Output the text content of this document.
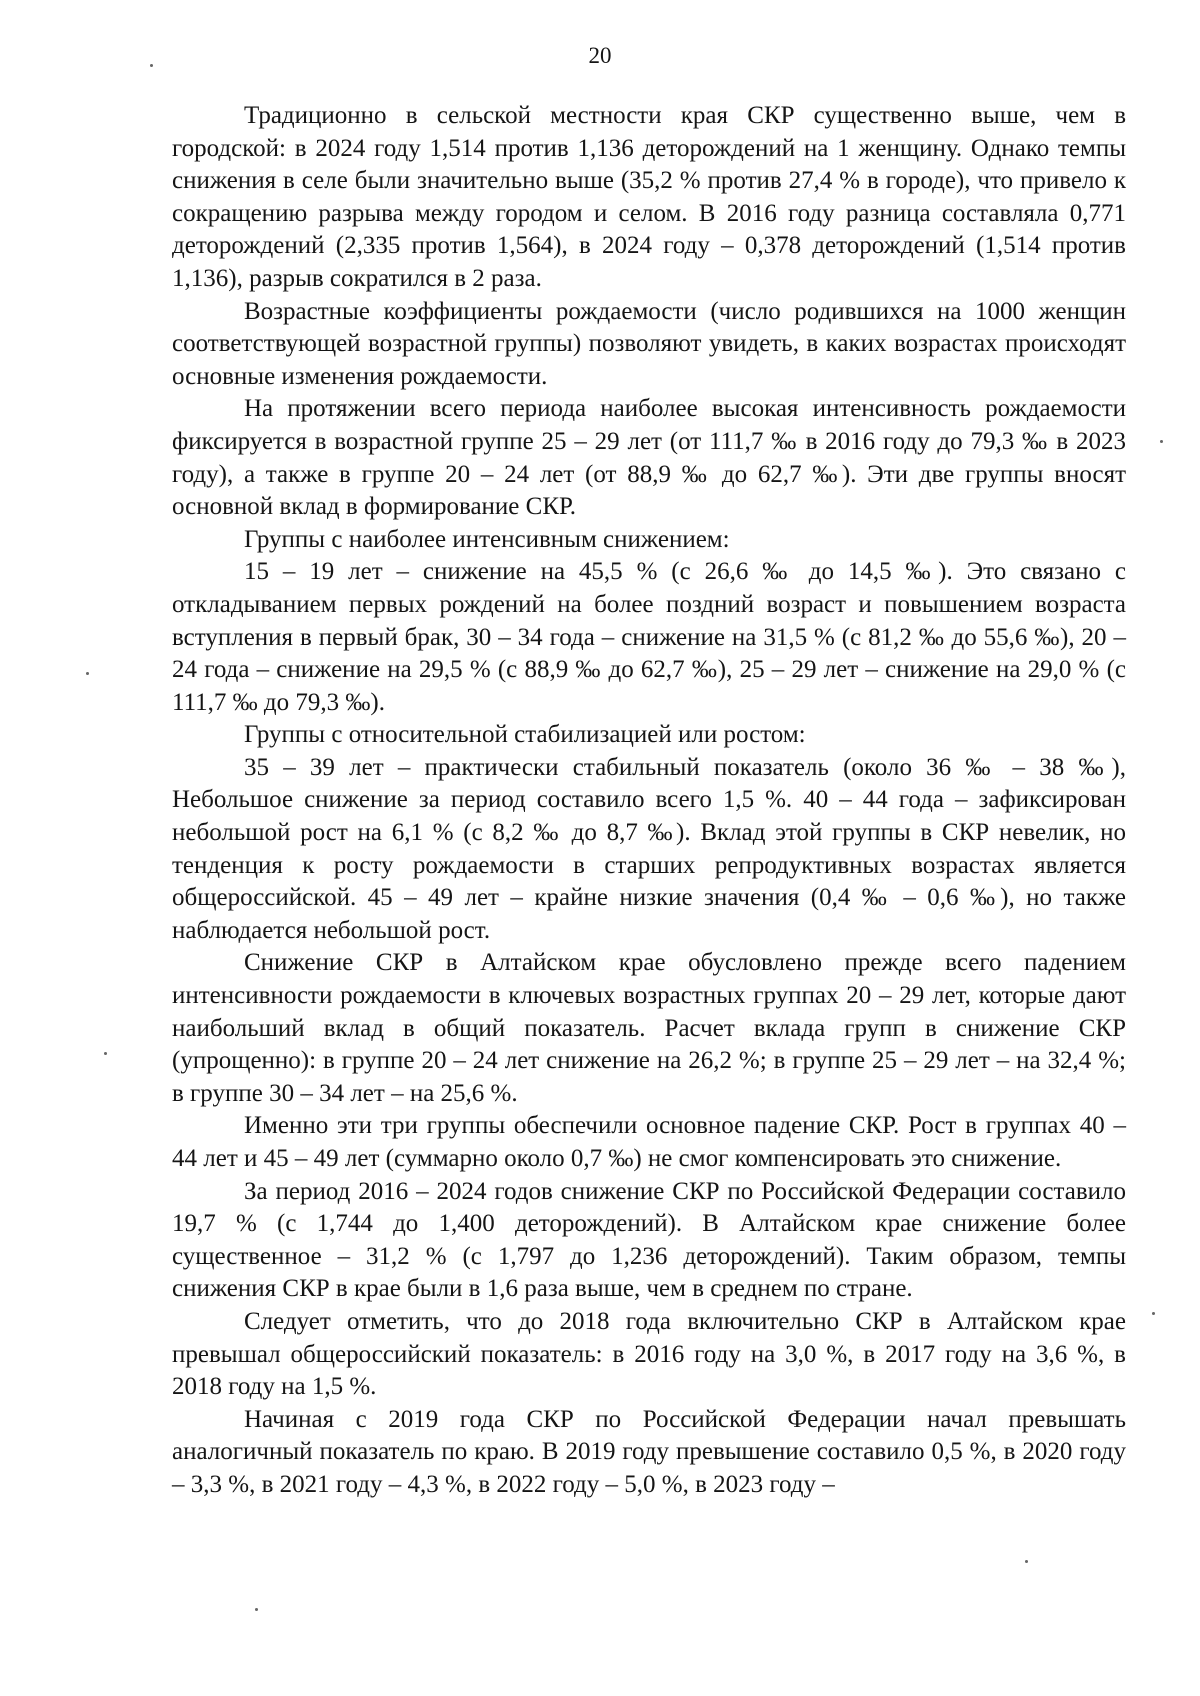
20

Традиционно в сельской местности края СКР существенно выше, чем в городской: в 2024 году 1,514 против 1,136 деторождений на 1 женщину. Однако темпы снижения в селе были значительно выше (35,2 % против 27,4 % в городе), что привело к сокращению разрыва между городом и селом. В 2016 году разница составляла 0,771 деторождений (2,335 против 1,564), в 2024 году – 0,378 деторождений (1,514 против 1,136), разрыв сократился в 2 раза.

Возрастные коэффициенты рождаемости (число родившихся на 1000 женщин соответствующей возрастной группы) позволяют увидеть, в каких возрастах происходят основные изменения рождаемости.

На протяжении всего периода наиболее высокая интенсивность рождаемости фиксируется в возрастной группе 25 – 29 лет (от 111,7 ‰ в 2016 году до 79,3 ‰ в 2023 году), а также в группе 20 – 24 лет (от 88,9 ‰ до 62,7 ‰). Эти две группы вносят основной вклад в формирование СКР.

Группы с наиболее интенсивным снижением:

15 – 19 лет – снижение на 45,5 % (с 26,6 ‰ до 14,5 ‰). Это связано с откладыванием первых рождений на более поздний возраст и повышением возраста вступления в первый брак, 30 – 34 года – снижение на 31,5 % (с 81,2 ‰ до 55,6 ‰), 20 – 24 года – снижение на 29,5 % (с 88,9 ‰ до 62,7 ‰), 25 – 29 лет – снижение на 29,0 % (с 111,7 ‰ до 79,3 ‰).

Группы с относительной стабилизацией или ростом:

35 – 39 лет – практически стабильный показатель (около 36 ‰ – 38 ‰), Небольшое снижение за период составило всего 1,5 %. 40 – 44 года – зафиксирован небольшой рост на 6,1 % (с 8,2 ‰ до 8,7 ‰). Вклад этой группы в СКР невелик, но тенденция к росту рождаемости в старших репродуктивных возрастах является общероссийской. 45 – 49 лет – крайне низкие значения (0,4 ‰ – 0,6 ‰), но также наблюдается небольшой рост.

Снижение СКР в Алтайском крае обусловлено прежде всего падением интенсивности рождаемости в ключевых возрастных группах 20 – 29 лет, которые дают наибольший вклад в общий показатель. Расчет вклада групп в снижение СКР (упрощенно): в группе 20 – 24 лет снижение на 26,2 %; в группе 25 – 29 лет – на 32,4 %; в группе 30 – 34 лет – на 25,6 %.

Именно эти три группы обеспечили основное падение СКР. Рост в группах 40 – 44 лет и 45 – 49 лет (суммарно около 0,7 ‰) не смог компенсировать это снижение.

За период 2016 – 2024 годов снижение СКР по Российской Федерации составило 19,7 % (с 1,744 до 1,400 деторождений). В Алтайском крае снижение более существенное – 31,2 % (с 1,797 до 1,236 деторождений). Таким образом, темпы снижения СКР в крае были в 1,6 раза выше, чем в среднем по стране.

Следует отметить, что до 2018 года включительно СКР в Алтайском крае превышал общероссийский показатель: в 2016 году на 3,0 %, в 2017 году на 3,6 %, в 2018 году на 1,5 %.

Начиная с 2019 года СКР по Российской Федерации начал превышать аналогичный показатель по краю. В 2019 году превышение составило 0,5 %, в 2020 году – 3,3 %, в 2021 году – 4,3 %, в 2022 году – 5,0 %, в 2023 году –
